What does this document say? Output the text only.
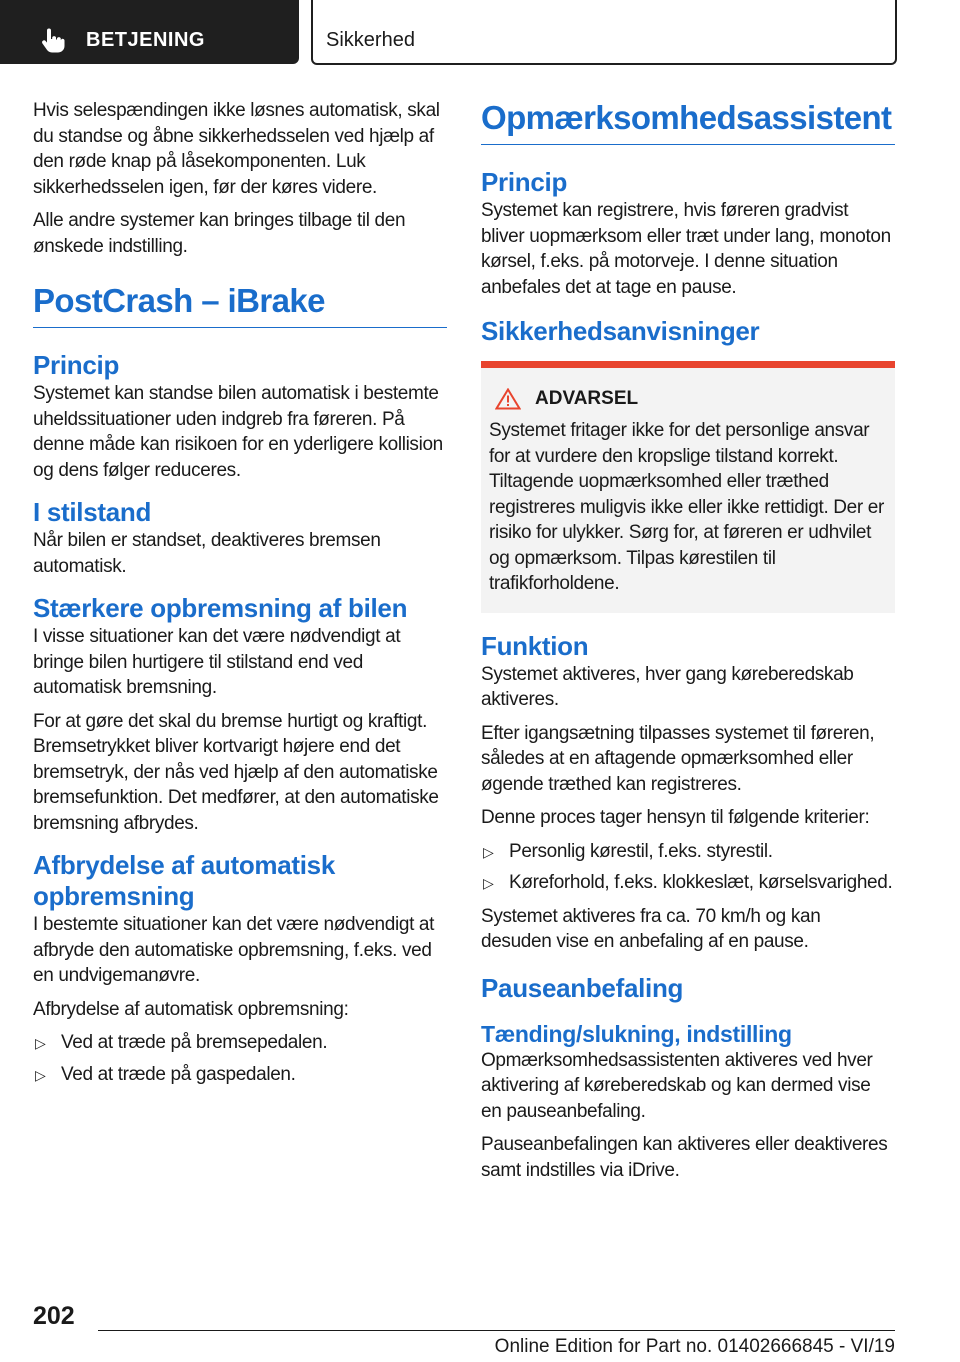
BETJENING	Sikkerhed

Hvis selespændingen ikke løsnes automatisk, skal du standse og åbne sikkerhedsselen ved hjælp af den røde knap på låsekomponenten. Luk sikkerhedsselen igen, før der køres videre.

Alle andre systemer kan bringes tilbage til den ønskede indstilling.

PostCrash – iBrake
Princip

Systemet kan standse bilen automatisk i bestemte uheldssituationer uden indgreb fra føreren. På denne måde kan risikoen for en yderligere kollision og dens følger reduceres.

I stilstand

Når bilen er standset, deaktiveres bremsen automatisk.

Stærkere opbremsning af bilen

I visse situationer kan det være nødvendigt at bringe bilen hurtigere til stilstand end ved automatisk bremsning.

For at gøre det skal du bremse hurtigt og kraftigt. Bremsetrykket bliver kortvarigt højere end det bremsetryk, der nås ved hjælp af den automatiske bremsefunktion. Det medfører, at den automatiske bremsning afbrydes.

Afbrydelse af automatisk opbremsning

I bestemte situationer kan det være nødvendigt at afbryde den automatiske opbremsning, f.eks. ved en undvigemanøvre.

Afbrydelse af automatisk opbremsning:

▷ Ved at træde på bremsepedalen.
▷ Ved at træde på gaspedalen.
Opmærksomhedsassistent
Princip

Systemet kan registrere, hvis føreren gradvist bliver uopmærksom eller træt under lang, monoton kørsel, f.eks. på motorveje. I denne situation anbefales det at tage en pause.

Sikkerhedsanvisninger
ADVARSEL

Systemet fritager ikke for det personlige ansvar for at vurdere den kropslige tilstand korrekt. Tiltagende uopmærksomhed eller træthed registreres muligvis ikke eller ikke rettidigt. Der er risiko for ulykker. Sørg for, at føreren er udhvilet og opmærksom. Tilpas kørestilen til trafikforholdene.

Funktion

Systemet aktiveres, hver gang køreberedskab aktiveres.

Efter igangsætning tilpasses systemet til føreren, således at en aftagende opmærksomhed eller øgende træthed kan registreres.

Denne proces tager hensyn til følgende kriterier:

▷ Personlig kørestil, f.eks. styrestil.
▷ Køreforhold, f.eks. klokkeslæt, kørselsvarighed.

Systemet aktiveres fra ca. 70 km/h og kan desuden vise en anbefaling af en pause.

Pauseanbefaling
Tænding/slukning, indstilling

Opmærksomhedsassistenten aktiveres ved hver aktivering af køreberedskab og kan dermed vise en pauseanbefaling.

Pauseanbefalingen kan aktiveres eller deaktiveres samt indstilles via iDrive.

202
Online Edition for Part no. 01402666845 - VI/19
